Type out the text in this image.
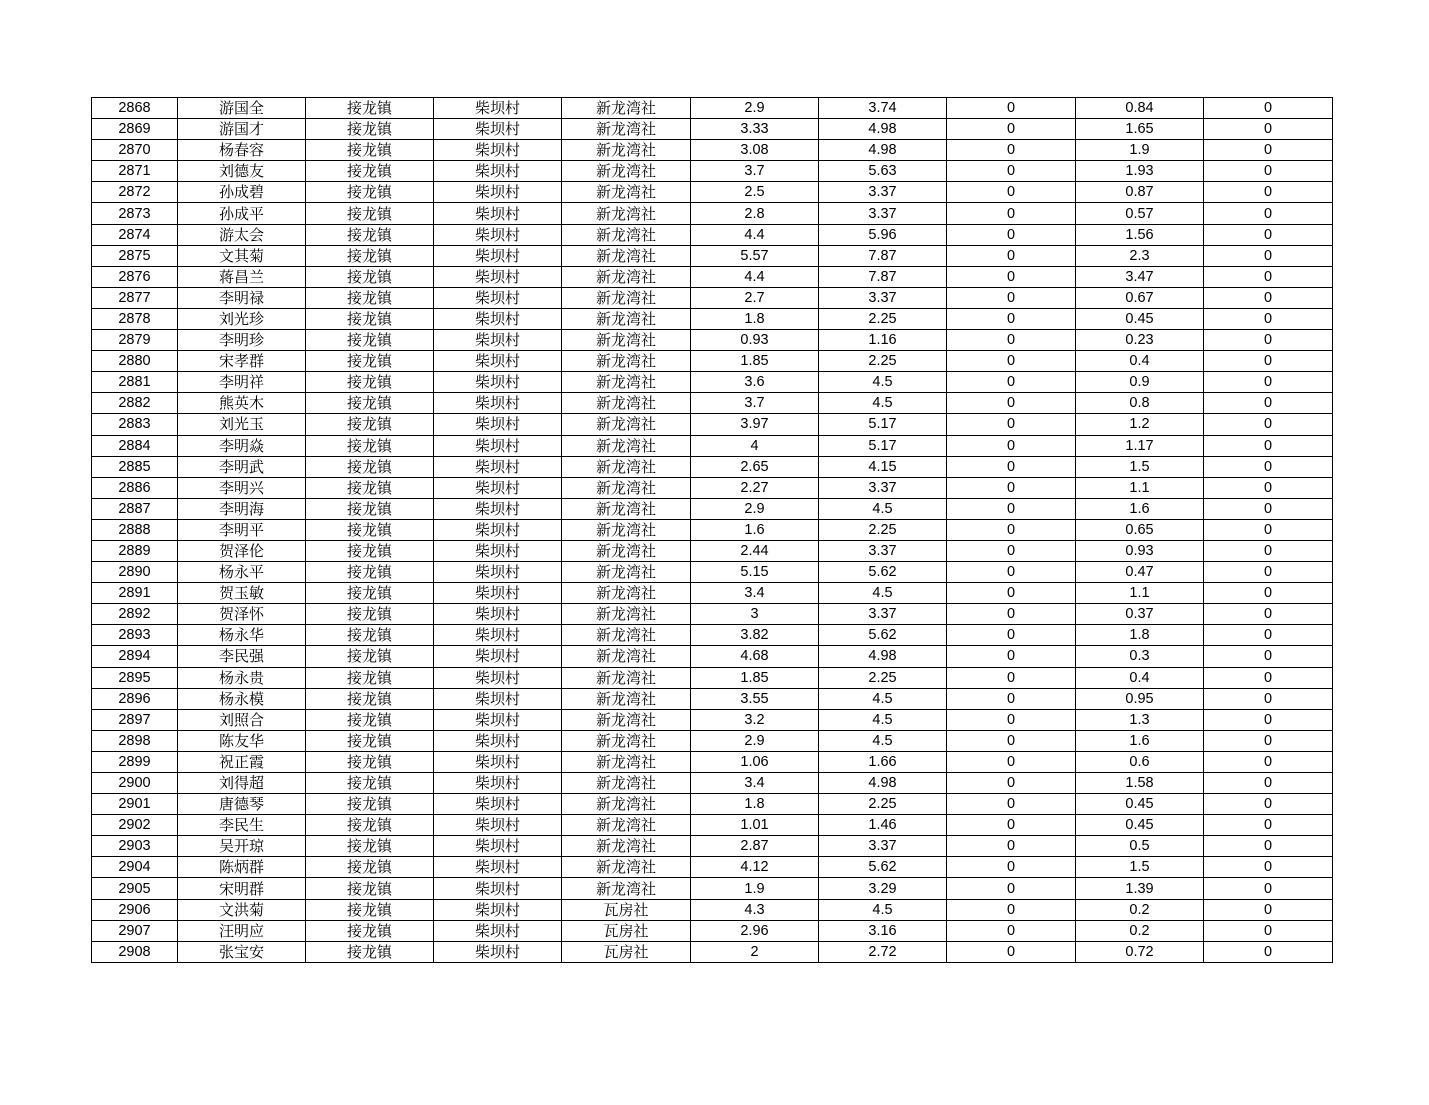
2868	游国全	接龙镇	柴坝村	新龙湾社	2.9	3.74	0	0.84	0
2869	游国才	接龙镇	柴坝村	新龙湾社	3.33	4.98	0	1.65	0
2870	杨春容	接龙镇	柴坝村	新龙湾社	3.08	4.98	0	1.9	0
2871	刘德友	接龙镇	柴坝村	新龙湾社	3.7	5.63	0	1.93	0
2872	孙成碧	接龙镇	柴坝村	新龙湾社	2.5	3.37	0	0.87	0
2873	孙成平	接龙镇	柴坝村	新龙湾社	2.8	3.37	0	0.57	0
2874	游太会	接龙镇	柴坝村	新龙湾社	4.4	5.96	0	1.56	0
2875	文其菊	接龙镇	柴坝村	新龙湾社	5.57	7.87	0	2.3	0
2876	蒋昌兰	接龙镇	柴坝村	新龙湾社	4.4	7.87	0	3.47	0
2877	李明禄	接龙镇	柴坝村	新龙湾社	2.7	3.37	0	0.67	0
2878	刘光珍	接龙镇	柴坝村	新龙湾社	1.8	2.25	0	0.45	0
2879	李明珍	接龙镇	柴坝村	新龙湾社	0.93	1.16	0	0.23	0
2880	宋孝群	接龙镇	柴坝村	新龙湾社	1.85	2.25	0	0.4	0
2881	李明祥	接龙镇	柴坝村	新龙湾社	3.6	4.5	0	0.9	0
2882	熊英木	接龙镇	柴坝村	新龙湾社	3.7	4.5	0	0.8	0
2883	刘光玉	接龙镇	柴坝村	新龙湾社	3.97	5.17	0	1.2	0
2884	李明焱	接龙镇	柴坝村	新龙湾社	4	5.17	0	1.17	0
2885	李明武	接龙镇	柴坝村	新龙湾社	2.65	4.15	0	1.5	0
2886	李明兴	接龙镇	柴坝村	新龙湾社	2.27	3.37	0	1.1	0
2887	李明海	接龙镇	柴坝村	新龙湾社	2.9	4.5	0	1.6	0
2888	李明平	接龙镇	柴坝村	新龙湾社	1.6	2.25	0	0.65	0
2889	贺泽伦	接龙镇	柴坝村	新龙湾社	2.44	3.37	0	0.93	0
2890	杨永平	接龙镇	柴坝村	新龙湾社	5.15	5.62	0	0.47	0
2891	贺玉敏	接龙镇	柴坝村	新龙湾社	3.4	4.5	0	1.1	0
2892	贺泽怀	接龙镇	柴坝村	新龙湾社	3	3.37	0	0.37	0
2893	杨永华	接龙镇	柴坝村	新龙湾社	3.82	5.62	0	1.8	0
2894	李民强	接龙镇	柴坝村	新龙湾社	4.68	4.98	0	0.3	0
2895	杨永贵	接龙镇	柴坝村	新龙湾社	1.85	2.25	0	0.4	0
2896	杨永模	接龙镇	柴坝村	新龙湾社	3.55	4.5	0	0.95	0
2897	刘照合	接龙镇	柴坝村	新龙湾社	3.2	4.5	0	1.3	0
2898	陈友华	接龙镇	柴坝村	新龙湾社	2.9	4.5	0	1.6	0
2899	祝正霞	接龙镇	柴坝村	新龙湾社	1.06	1.66	0	0.6	0
2900	刘得超	接龙镇	柴坝村	新龙湾社	3.4	4.98	0	1.58	0
2901	唐德琴	接龙镇	柴坝村	新龙湾社	1.8	2.25	0	0.45	0
2902	李民生	接龙镇	柴坝村	新龙湾社	1.01	1.46	0	0.45	0
2903	吴开琼	接龙镇	柴坝村	新龙湾社	2.87	3.37	0	0.5	0
2904	陈炳群	接龙镇	柴坝村	新龙湾社	4.12	5.62	0	1.5	0
2905	宋明群	接龙镇	柴坝村	新龙湾社	1.9	3.29	0	1.39	0
2906	文洪菊	接龙镇	柴坝村	瓦房社	4.3	4.5	0	0.2	0
2907	汪明应	接龙镇	柴坝村	瓦房社	2.96	3.16	0	0.2	0
2908	张宝安	接龙镇	柴坝村	瓦房社	2	2.72	0	0.72	0
